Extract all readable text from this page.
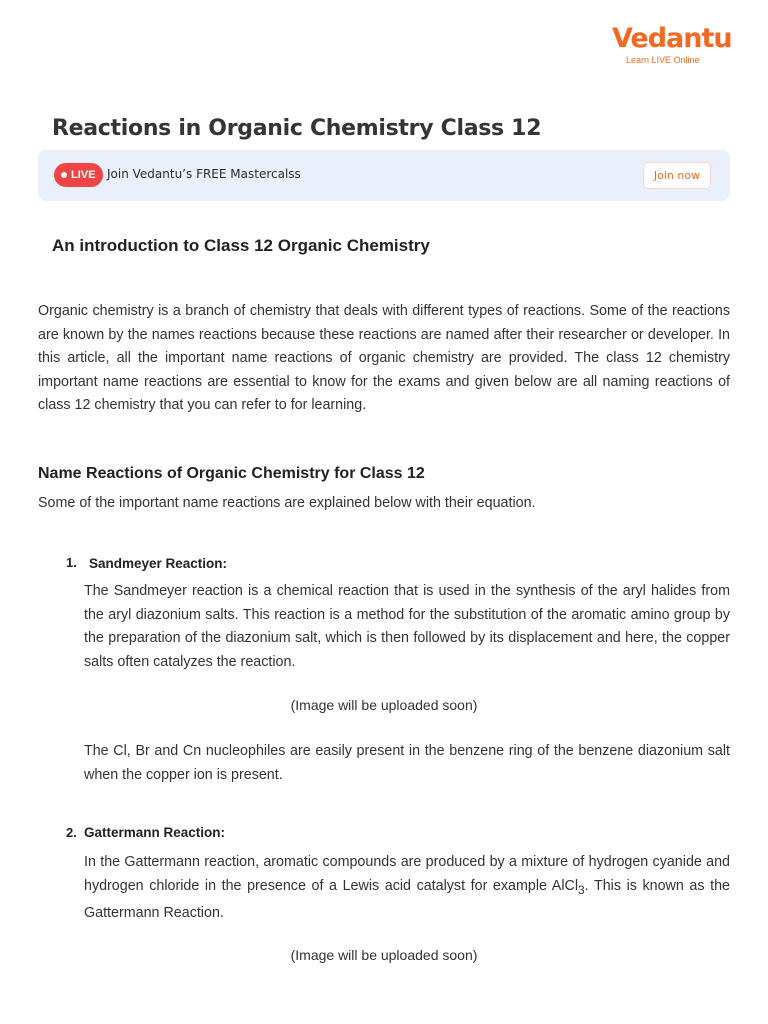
Vedantu
Learn LIVE Online
Reactions in Organic Chemistry Class 12
LIVE Join Vedantu’s FREE Mastercalss	Join now
An introduction to Class 12 Organic Chemistry

Organic chemistry is a branch of chemistry that deals with different types of reactions. Some of the reactions are known by the names reactions because these reactions are named after their researcher or developer. In this article, all the important name reactions of organic chemistry are provided. The class 12 chemistry important name reactions are essential to know for the exams and given below are all naming reactions of class 12 chemistry that you can refer to for learning.

Name Reactions of Organic Chemistry for Class 12

Some of the important name reactions are explained below with their equation.

1. Sandmeyer Reaction:

The Sandmeyer reaction is a chemical reaction that is used in the synthesis of the aryl halides from the aryl diazonium salts. This reaction is a method for the substitution of the aromatic amino group by the preparation of the diazonium salt, which is then followed by its displacement and here, the copper salts often catalyzes the reaction.

(Image will be uploaded soon)

The Cl, Br and Cn nucleophiles are easily present in the benzene ring of the benzene diazonium salt when the copper ion is present.

2. Gattermann Reaction:

In the Gattermann reaction, aromatic compounds are produced by a mixture of hydrogen cyanide and hydrogen chloride in the presence of a Lewis acid catalyst for example AlCl$_3$. This is known as the Gattermann Reaction.

(Image will be uploaded soon)
